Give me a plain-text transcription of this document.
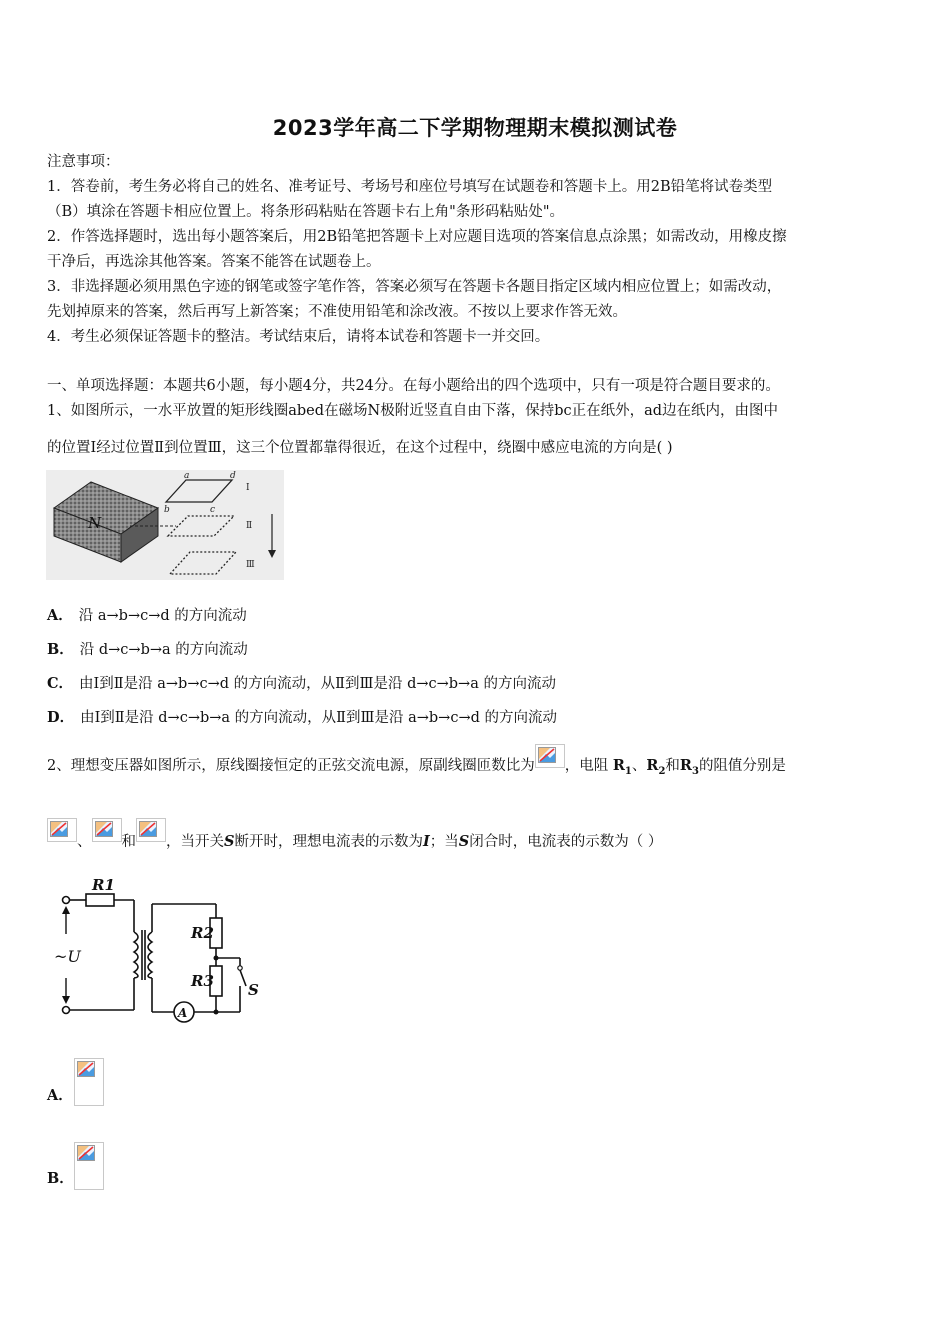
2023学年高二下学期物理期末模拟测试卷
注意事项：
1．答卷前，考生务必将自己的姓名、准考证号、考场号和座位号填写在试题卷和答题卡上。用2B铅笔将试卷类型
（B）填涂在答题卡相应位置上。将条形码粘贴在答题卡右上角"条形码粘贴处"。
2．作答选择题时，选出每小题答案后，用2B铅笔把答题卡上对应题目选项的答案信息点涂黑；如需改动，用橡皮擦
干净后，再选涂其他答案。答案不能答在试题卷上。
3．非选择题必须用黑色字迹的钢笔或签字笔作答，答案必须写在答题卡各题目指定区域内相应位置上；如需改动，
先划掉原来的答案，然后再写上新答案；不准使用铅笔和涂改液。不按以上要求作答无效。
4．考生必须保证答题卡的整洁。考试结束后，请将本试卷和答题卡一并交回。
一、单项选择题：本题共6小题，每小题4分，共24分。在每小题给出的四个选项中，只有一项是符合题目要求的。
1、如图所示，一水平放置的矩形线圈abed在磁场N极附近竖直自由下落，保持bc正在纸外，ad边在纸内，由图中
的位置Ⅰ经过位置Ⅱ到位置Ⅲ，这三个位置都靠得很近，在这个过程中，绕圈中感应电流的方向是( )
N
a	d
b	c
Ⅰ
Ⅱ
Ⅲ
A． 沿 a→b→c→d 的方向流动
B． 沿 d→c→b→a 的方向流动
C． 由Ⅰ到Ⅱ是沿 a→b→c→d 的方向流动，从Ⅱ到Ⅲ是沿 d→c→b→a 的方向流动
D． 由Ⅰ到Ⅱ是沿 d→c→b→a 的方向流动，从Ⅱ到Ⅲ是沿 a→b→c→d 的方向流动
2、理想变压器如图所示，原线圈接恒定的正弦交流电源，原副线圈匝数比为 ，电阻 $R_1$、$R_2$和$R_3$的阻值分别是
、 和 ，当开关S断开时，理想电流表的示数为I；当S闭合时，电流表的示数为（ ）
R1
R2
R3
~U
S
A
A．
B．
